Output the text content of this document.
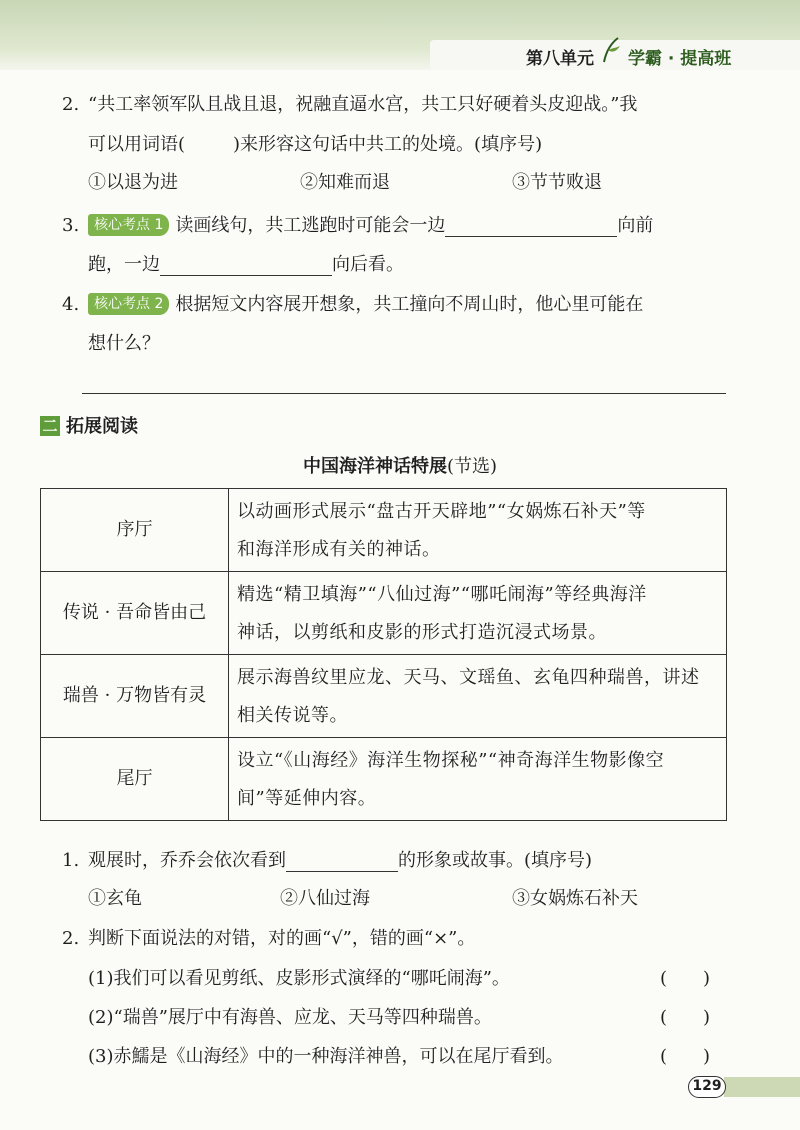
第八单元 学霸 · 提高班
2. “共工率领军队且战且退，祝融直逼水宫，共工只好硬着头皮迎战。”我
可以用词语(	)来形容这句话中共工的处境。(填序号)
①以退为进	②知难而退	③节节败退
3. 核心考点 1 读画线句，共工逃跑时可能会一边	向前
跑，一边	向后看。
4. 核心考点 2 根据短文内容展开想象，共工撞向不周山时，他心里可能在
想什么？
二 拓展阅读
中国海洋神话特展(节选)
序厅	以动画形式展示“盘古开天辟地”“女娲炼石补天”等
和海洋形成有关的神话。

传说 · 吾命皆由己	精选“精卫填海”“八仙过海”“哪吒闹海”等经典海洋
神话，以剪纸和皮影的形式打造沉浸式场景。

瑞兽 · 万物皆有灵	展示海兽纹里应龙、天马、文瑶鱼、玄龟四种瑞兽，讲述
相关传说等。

尾厅	设立“《山海经》海洋生物探秘”“神奇海洋生物影像空
间”等延伸内容。
1. 观展时，乔乔会依次看到	的形象或故事。(填序号)
①玄龟	②八仙过海	③女娲炼石补天
2. 判断下面说法的对错，对的画“√”，错的画“×”。
(1)我们可以看见剪纸、皮影形式演绎的“哪吒闹海”。	(　　)
(2)“瑞兽”展厅中有海兽、应龙、天马等四种瑞兽。	(　　)
(3)赤鱬是《山海经》中的一种海洋神兽，可以在尾厅看到。	(　　)
129
